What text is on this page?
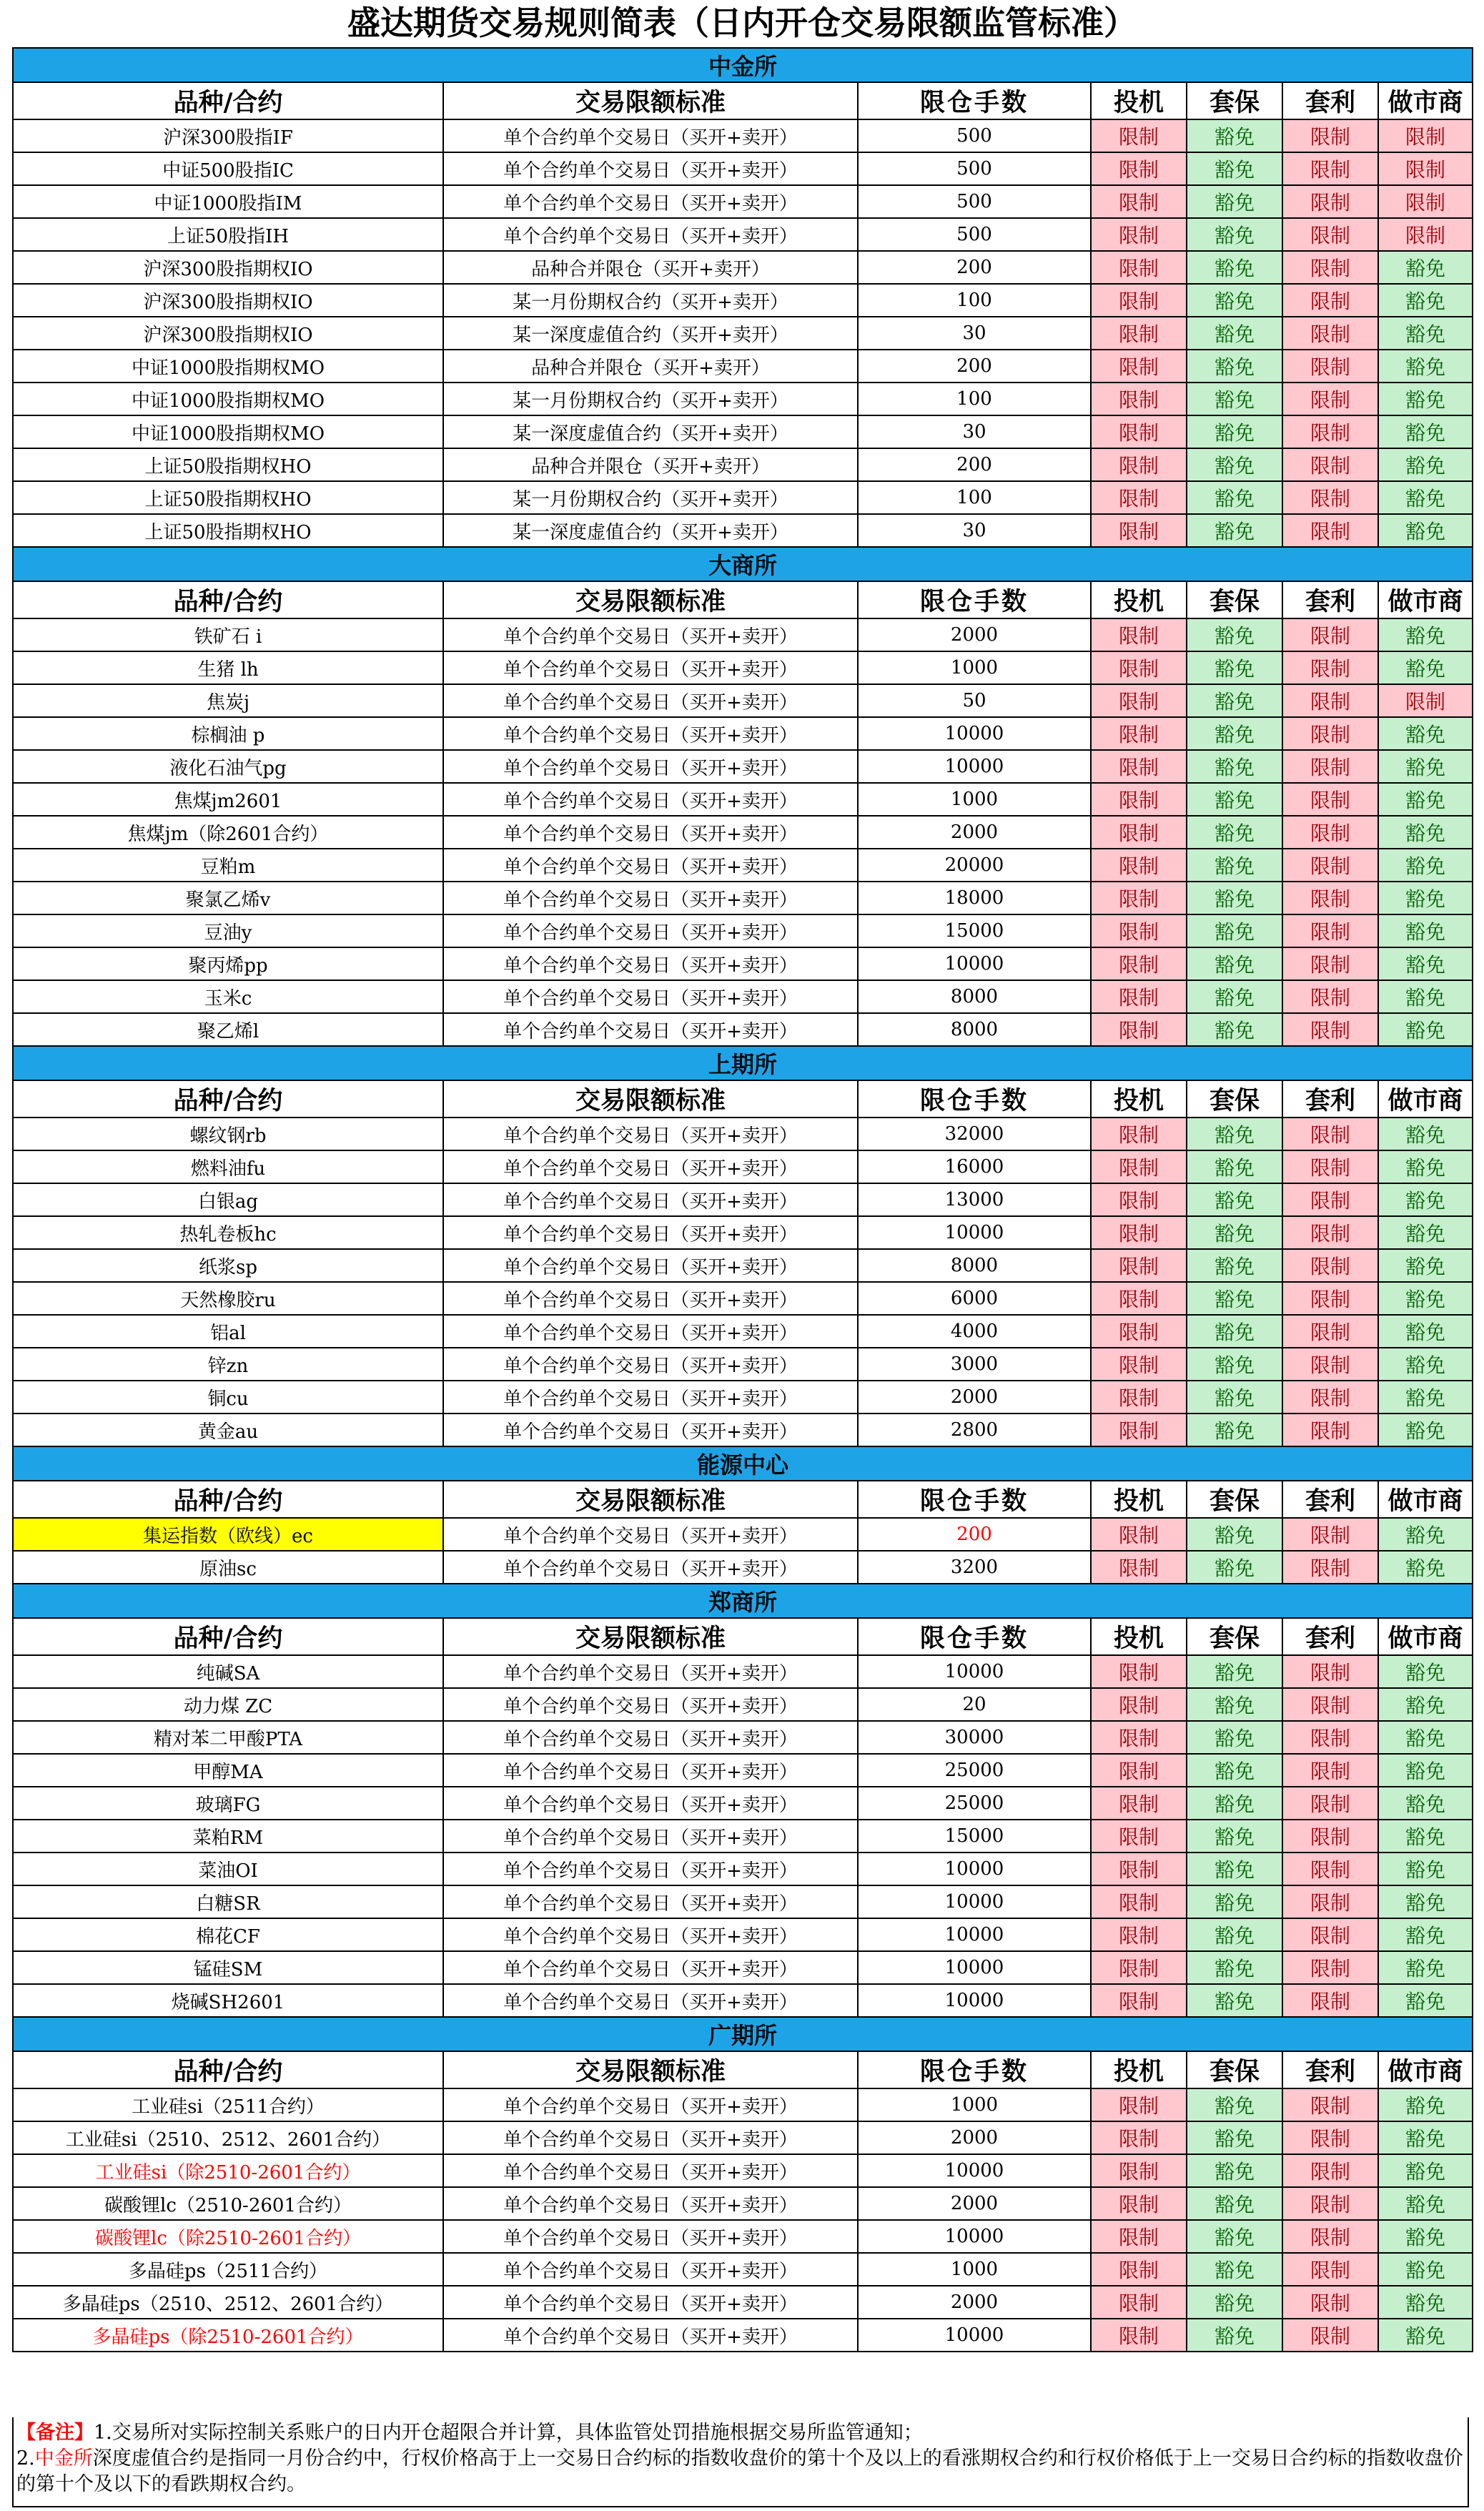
盛达期货交易规则简表（日内开仓交易限额监管标准）
中金所						
品种/合约	交易限额标准	限仓手数	投机	套保	套利	做市商
沪深300股指IF	单个合约单个交易日（买开+卖开）	500	限制	豁免	限制	限制
中证500股指IC	单个合约单个交易日（买开+卖开）	500	限制	豁免	限制	限制
中证1000股指IM	单个合约单个交易日（买开+卖开）	500	限制	豁免	限制	限制
上证50股指IH	单个合约单个交易日（买开+卖开）	500	限制	豁免	限制	限制
沪深300股指期权IO	品种合并限仓（买开+卖开）	200	限制	豁免	限制	豁免
沪深300股指期权IO	某一月份期权合约（买开+卖开）	100	限制	豁免	限制	豁免
沪深300股指期权IO	某一深度虚值合约（买开+卖开）	30	限制	豁免	限制	豁免
中证1000股指期权MO	品种合并限仓（买开+卖开）	200	限制	豁免	限制	豁免
中证1000股指期权MO	某一月份期权合约（买开+卖开）	100	限制	豁免	限制	豁免
中证1000股指期权MO	某一深度虚值合约（买开+卖开）	30	限制	豁免	限制	豁免
上证50股指期权HO	品种合并限仓（买开+卖开）	200	限制	豁免	限制	豁免
上证50股指期权HO	某一月份期权合约（买开+卖开）	100	限制	豁免	限制	豁免
上证50股指期权HO	某一深度虚值合约（买开+卖开）	30	限制	豁免	限制	豁免
大商所						
品种/合约	交易限额标准	限仓手数	投机	套保	套利	做市商
铁矿石 i	单个合约单个交易日（买开+卖开）	2000	限制	豁免	限制	豁免
生猪 lh	单个合约单个交易日（买开+卖开）	1000	限制	豁免	限制	豁免
焦炭j	单个合约单个交易日（买开+卖开）	50	限制	豁免	限制	限制
棕榈油 p	单个合约单个交易日（买开+卖开）	10000	限制	豁免	限制	豁免
液化石油气pg	单个合约单个交易日（买开+卖开）	10000	限制	豁免	限制	豁免
焦煤jm2601	单个合约单个交易日（买开+卖开）	1000	限制	豁免	限制	豁免
焦煤jm（除2601合约）	单个合约单个交易日（买开+卖开）	2000	限制	豁免	限制	豁免
豆粕m	单个合约单个交易日（买开+卖开）	20000	限制	豁免	限制	豁免
聚氯乙烯v	单个合约单个交易日（买开+卖开）	18000	限制	豁免	限制	豁免
豆油y	单个合约单个交易日（买开+卖开）	15000	限制	豁免	限制	豁免
聚丙烯pp	单个合约单个交易日（买开+卖开）	10000	限制	豁免	限制	豁免
玉米c	单个合约单个交易日（买开+卖开）	8000	限制	豁免	限制	豁免
聚乙烯l	单个合约单个交易日（买开+卖开）	8000	限制	豁免	限制	豁免
上期所						
品种/合约	交易限额标准	限仓手数	投机	套保	套利	做市商
螺纹钢rb	单个合约单个交易日（买开+卖开）	32000	限制	豁免	限制	豁免
燃料油fu	单个合约单个交易日（买开+卖开）	16000	限制	豁免	限制	豁免
白银ag	单个合约单个交易日（买开+卖开）	13000	限制	豁免	限制	豁免
热轧卷板hc	单个合约单个交易日（买开+卖开）	10000	限制	豁免	限制	豁免
纸浆sp	单个合约单个交易日（买开+卖开）	8000	限制	豁免	限制	豁免
天然橡胶ru	单个合约单个交易日（买开+卖开）	6000	限制	豁免	限制	豁免
铝al	单个合约单个交易日（买开+卖开）	4000	限制	豁免	限制	豁免
锌zn	单个合约单个交易日（买开+卖开）	3000	限制	豁免	限制	豁免
铜cu	单个合约单个交易日（买开+卖开）	2000	限制	豁免	限制	豁免
黄金au	单个合约单个交易日（买开+卖开）	2800	限制	豁免	限制	豁免
能源中心						
品种/合约	交易限额标准	限仓手数	投机	套保	套利	做市商
集运指数（欧线）ec	单个合约单个交易日（买开+卖开）	200	限制	豁免	限制	豁免
原油sc	单个合约单个交易日（买开+卖开）	3200	限制	豁免	限制	豁免
郑商所						
品种/合约	交易限额标准	限仓手数	投机	套保	套利	做市商
纯碱SA	单个合约单个交易日（买开+卖开）	10000	限制	豁免	限制	豁免
动力煤 ZC	单个合约单个交易日（买开+卖开）	20	限制	豁免	限制	豁免
精对苯二甲酸PTA	单个合约单个交易日（买开+卖开）	30000	限制	豁免	限制	豁免
甲醇MA	单个合约单个交易日（买开+卖开）	25000	限制	豁免	限制	豁免
玻璃FG	单个合约单个交易日（买开+卖开）	25000	限制	豁免	限制	豁免
菜粕RM	单个合约单个交易日（买开+卖开）	15000	限制	豁免	限制	豁免
菜油OI	单个合约单个交易日（买开+卖开）	10000	限制	豁免	限制	豁免
白糖SR	单个合约单个交易日（买开+卖开）	10000	限制	豁免	限制	豁免
棉花CF	单个合约单个交易日（买开+卖开）	10000	限制	豁免	限制	豁免
锰硅SM	单个合约单个交易日（买开+卖开）	10000	限制	豁免	限制	豁免
烧碱SH2601	单个合约单个交易日（买开+卖开）	10000	限制	豁免	限制	豁免
广期所						
品种/合约	交易限额标准	限仓手数	投机	套保	套利	做市商
工业硅si（2511合约）	单个合约单个交易日（买开+卖开）	1000	限制	豁免	限制	豁免
工业硅si（2510、2512、2601合约）	单个合约单个交易日（买开+卖开）	2000	限制	豁免	限制	豁免
工业硅si（除2510-2601合约）	单个合约单个交易日（买开+卖开）	10000	限制	豁免	限制	豁免
碳酸锂lc（2510-2601合约）	单个合约单个交易日（买开+卖开）	2000	限制	豁免	限制	豁免
碳酸锂lc（除2510-2601合约）	单个合约单个交易日（买开+卖开）	10000	限制	豁免	限制	豁免
多晶硅ps（2511合约）	单个合约单个交易日（买开+卖开）	1000	限制	豁免	限制	豁免
多晶硅ps（2510、2512、2601合约）	单个合约单个交易日（买开+卖开）	2000	限制	豁免	限制	豁免
多晶硅ps（除2510-2601合约）	单个合约单个交易日（买开+卖开）	10000	限制	豁免	限制	豁免
【备注】1.交易所对实际控制关系账户的日内开仓超限合并计算，具体监管处罚措施根据交易所监管通知；
2.中金所深度虚值合约是指同一月份合约中，行权价格高于上一交易日合约标的指数收盘价的第十个及以上的看涨期权合约和行权价格低于上一交易日合约标的指数收盘价的第十个及以下的看跌期权合约。
